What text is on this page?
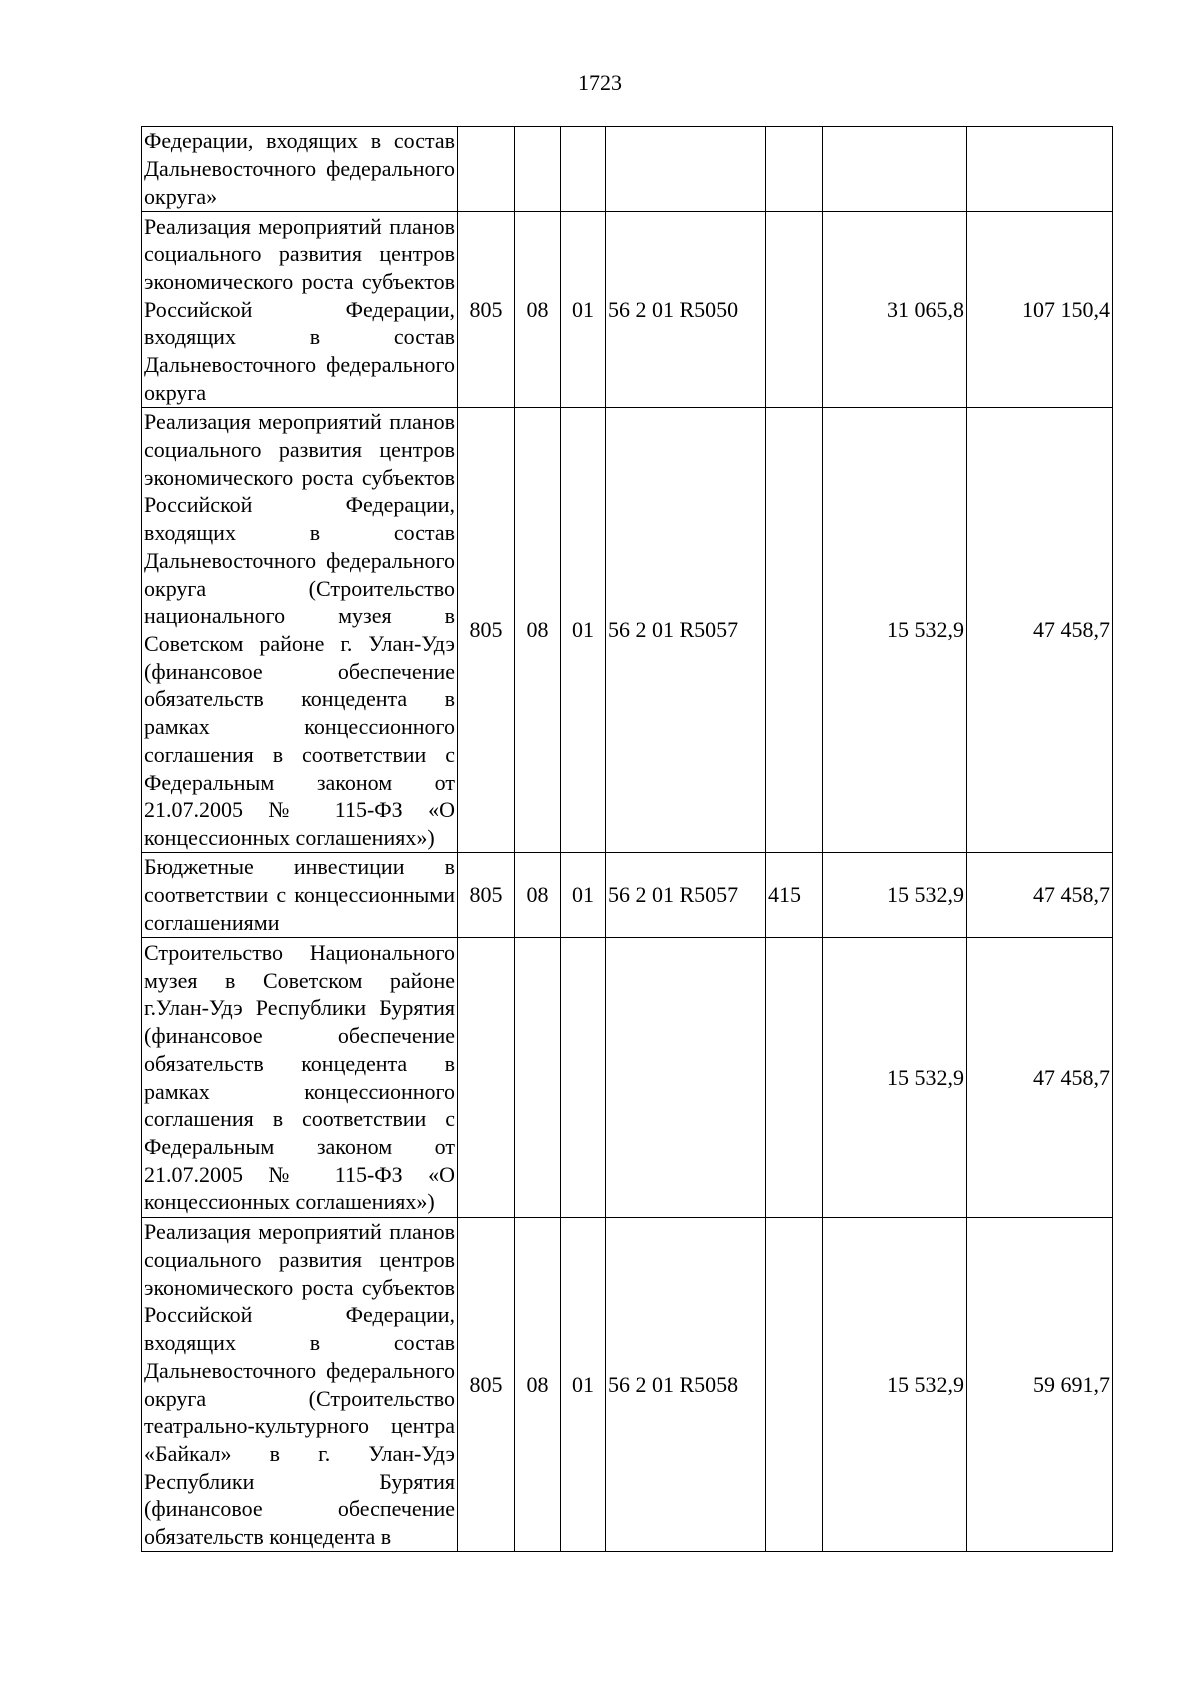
1723
Федерации, входящих в состав Дальневосточного федерального округа»							
Реализация мероприятий планов социального развития центров экономического роста субъектов Российской Федерации, входящих в состав Дальневосточного федерального округа	805	08	01	56 2 01 R5050		31 065,8	107 150,4
Реализация мероприятий планов социального развития центров экономического роста субъектов Российской Федерации, входящих в состав Дальневосточного федерального округа (Строительство национального музея в Советском районе г. Улан-Удэ (финансовое обеспечение обязательств концедента в рамках концессионного соглашения в соответствии с Федеральным законом от 21.07.2005 № 115-ФЗ «О концессионных соглашениях»)	805	08	01	56 2 01 R5057		15 532,9	47 458,7
Бюджетные инвестиции в соответствии с концессионными соглашениями	805	08	01	56 2 01 R5057	415	15 532,9	47 458,7
Строительство Национального музея в Советском районе г.Улан-Удэ Республики Бурятия (финансовое обеспечение обязательств концедента в рамках концессионного соглашения в соответствии с Федеральным законом от 21.07.2005 № 115-ФЗ «О концессионных соглашениях»)						15 532,9	47 458,7
Реализация мероприятий планов социального развития центров экономического роста субъектов Российской Федерации, входящих в состав Дальневосточного федерального округа (Строительство театрально-культурного центра «Байкал» в г. Улан-Удэ Республики Бурятия (финансовое обеспечение обязательств концедента в	805	08	01	56 2 01 R5058		15 532,9	59 691,7
